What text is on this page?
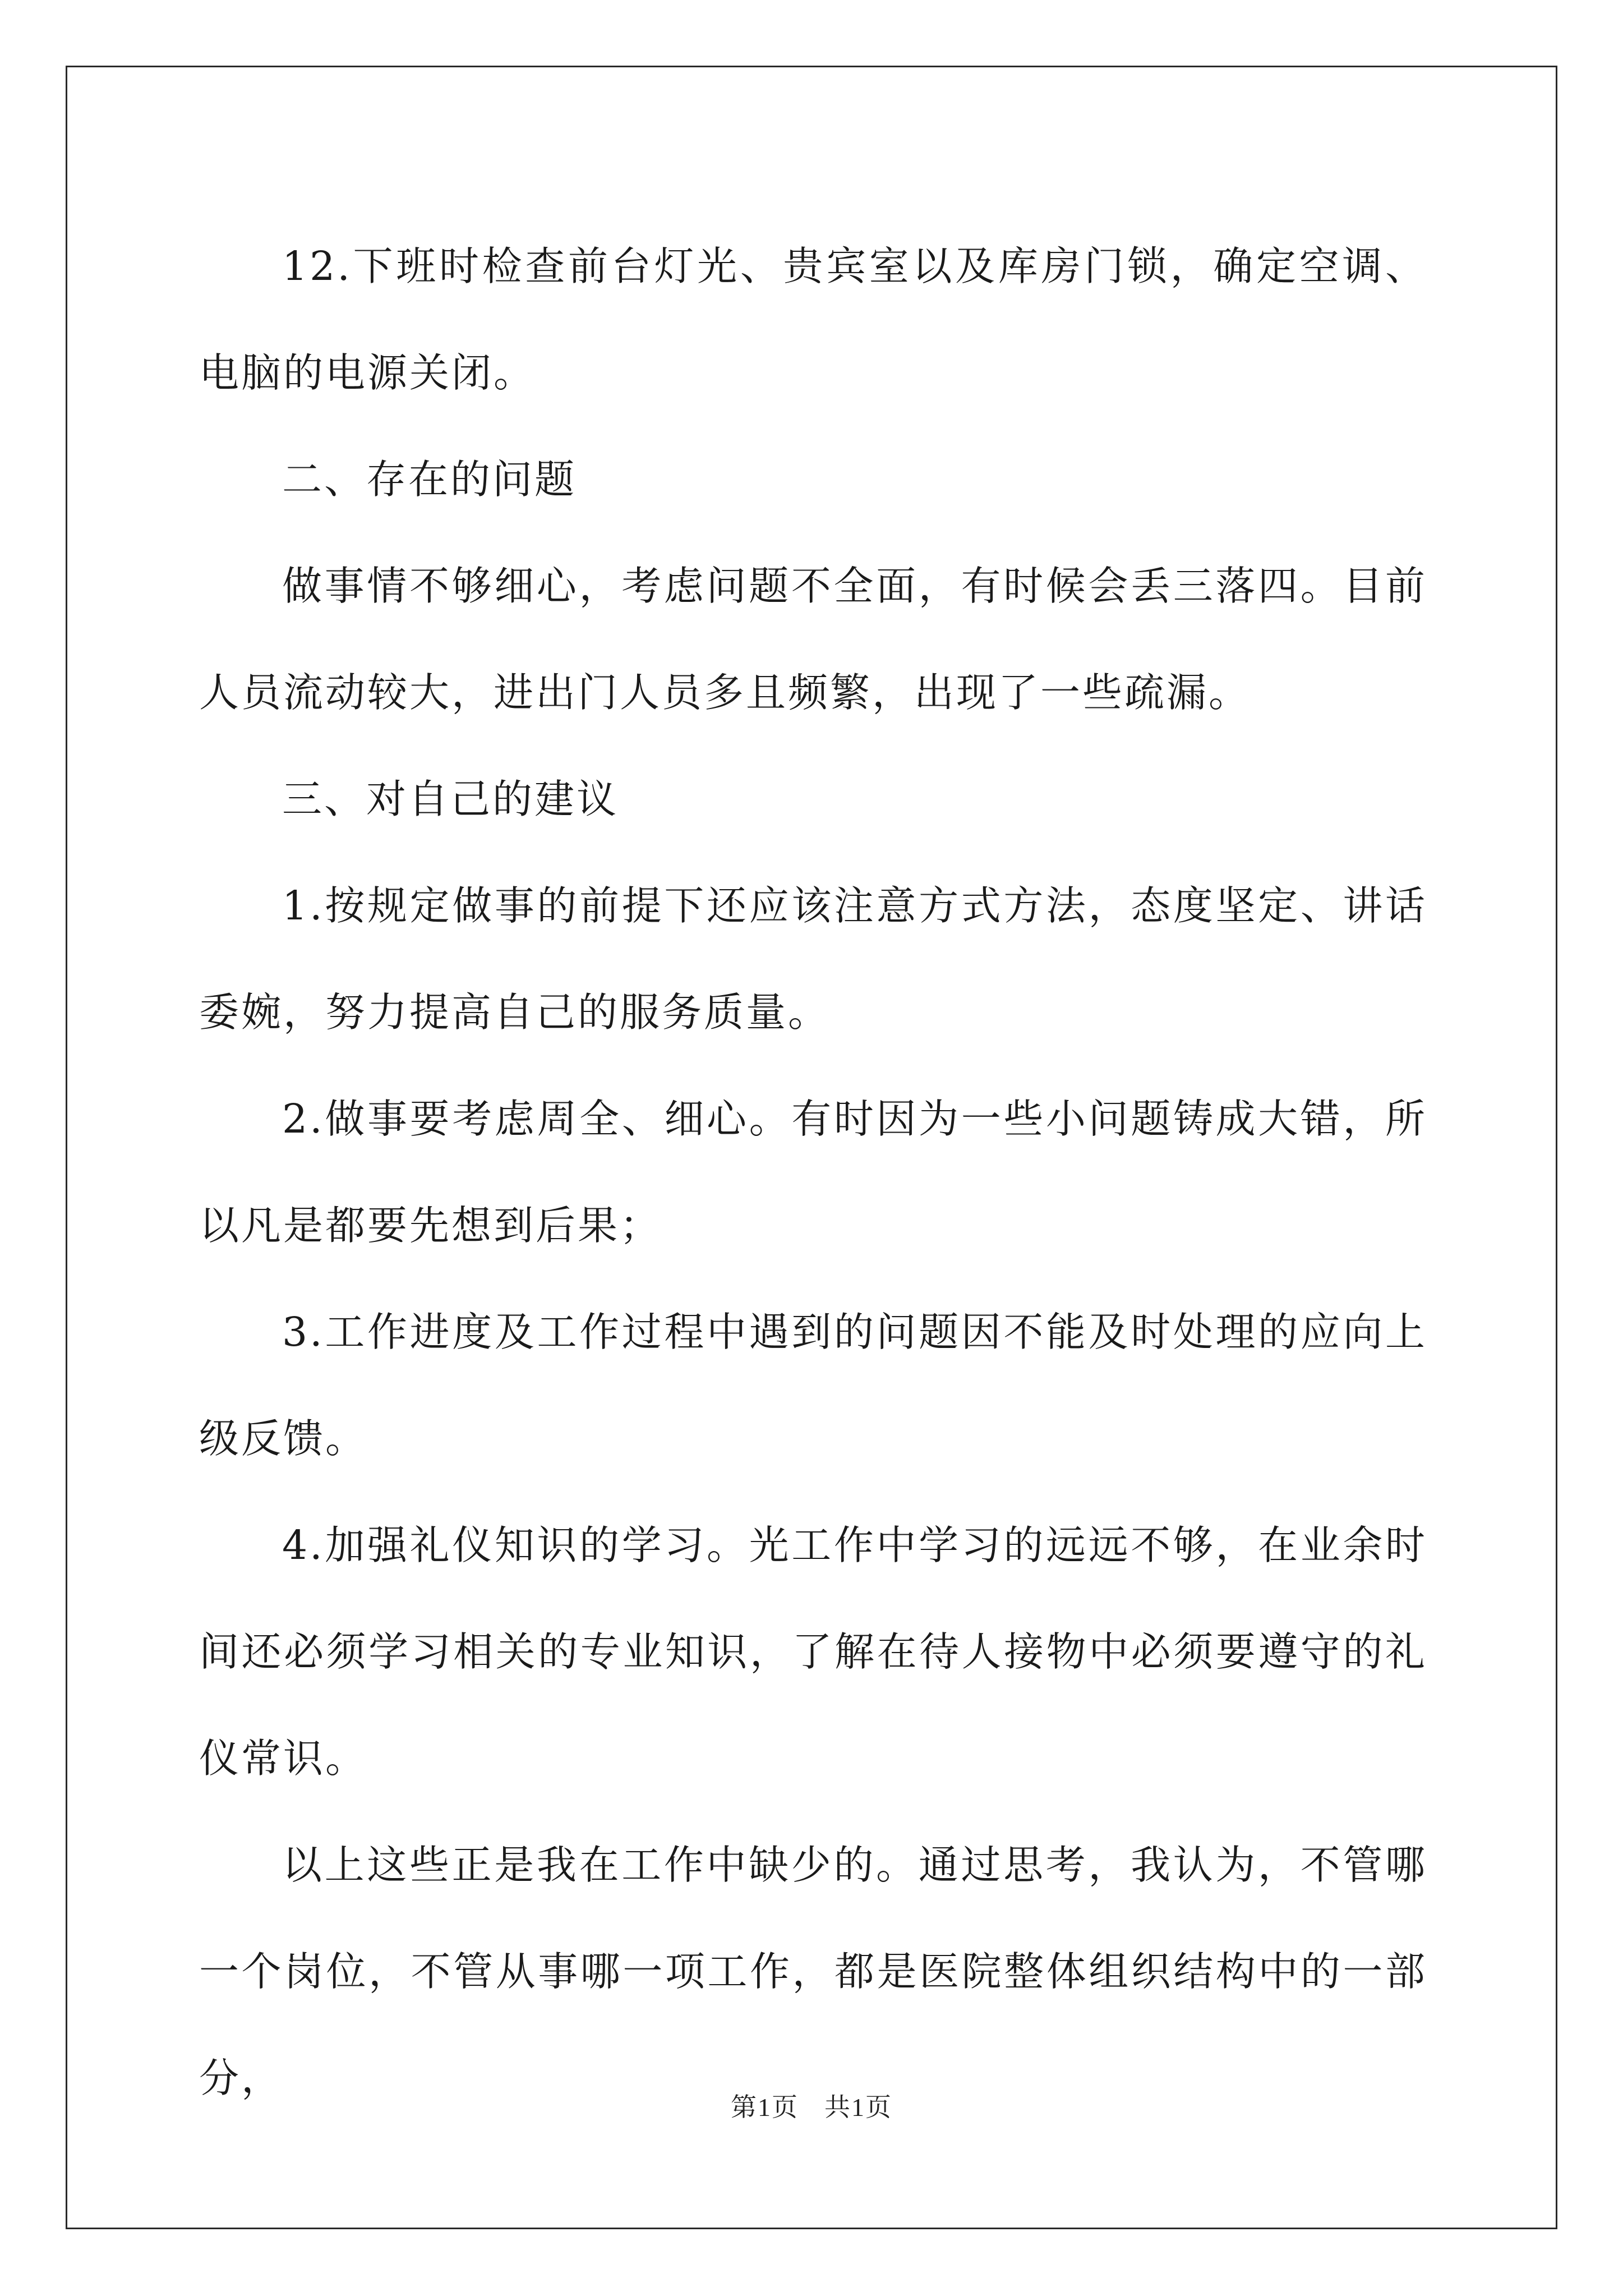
12.下班时检查前台灯光、贵宾室以及库房门锁，确定空调、电脑的电源关闭。

二、存在的问题

做事情不够细心，考虑问题不全面，有时候会丢三落四。目前人员流动较大，进出门人员多且频繁，出现了一些疏漏。

三、对自己的建议

1.按规定做事的前提下还应该注意方式方法，态度坚定、讲话委婉，努力提高自己的服务质量。

2.做事要考虑周全、细心。有时因为一些小问题铸成大错，所以凡是都要先想到后果；

3.工作进度及工作过程中遇到的问题因不能及时处理的应向上级反馈。

4.加强礼仪知识的学习。光工作中学习的远远不够，在业余时间还必须学习相关的专业知识，了解在待人接物中必须要遵守的礼仪常识。

以上这些正是我在工作中缺少的。通过思考，我认为，不管哪一个岗位，不管从事哪一项工作，都是医院整体组织结构中的一部分，

第1页 共1页
